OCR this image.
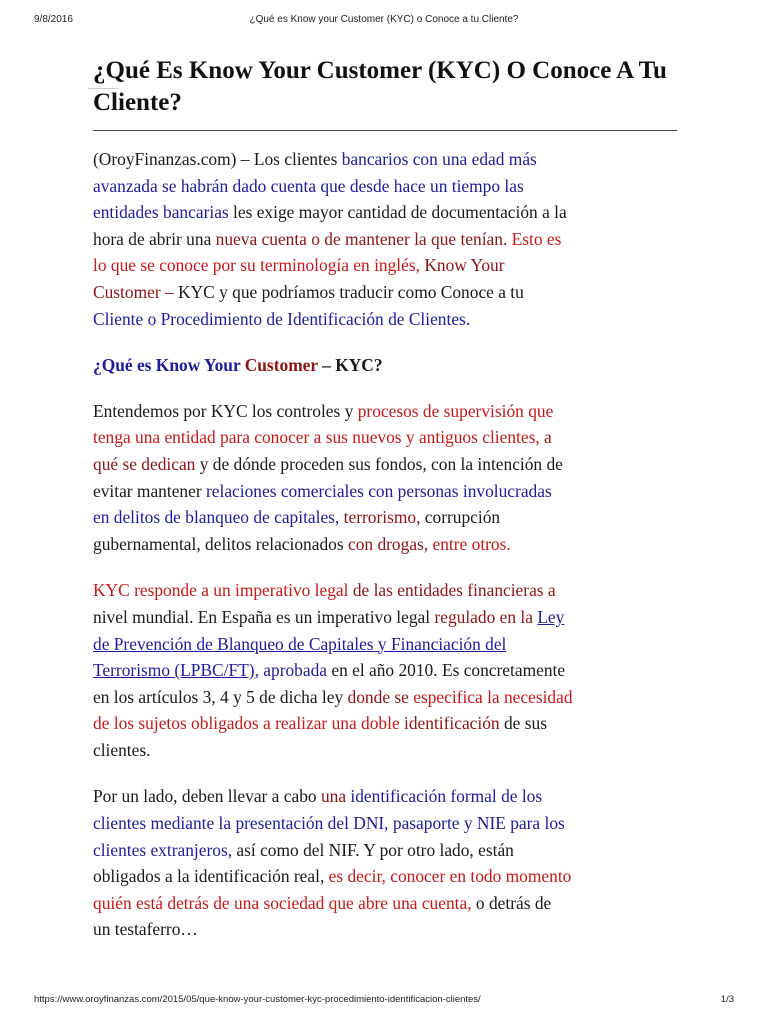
9/8/2016	¿Qué es Know your Customer (KYC) o Conoce a tu Cliente?
¿Qué Es Know Your Customer (KYC) O Conoce A Tu Cliente?

(OroyFinanzas.com) – Los clientes bancarios con una edad más
avanzada se habrán dado cuenta que desde hace un tiempo las
entidades bancarias les exige mayor cantidad de documentación a la
hora de abrir una nueva cuenta o de mantener la que tenían. Esto es
lo que se conoce por su terminología en inglés, Know Your
Customer – KYC y que podríamos traducir como Conoce a tu
Cliente o Procedimiento de Identificación de Clientes.

¿Qué es Know Your Customer – KYC?

Entendemos por KYC los controles y procesos de supervisión que
tenga una entidad para conocer a sus nuevos y antiguos clientes, a
qué se dedican y de dónde proceden sus fondos, con la intención de
evitar mantener relaciones comerciales con personas involucradas
en delitos de blanqueo de capitales, terrorismo, corrupción
gubernamental, delitos relacionados con drogas, entre otros.

KYC responde a un imperativo legal de las entidades financieras a
nivel mundial. En España es un imperativo legal regulado en la Ley
de Prevención de Blanqueo de Capitales y Financiación del
Terrorismo (LPBC/FT), aprobada en el año 2010. Es concretamente
en los artículos 3, 4 y 5 de dicha ley donde se especifica la necesidad
de los sujetos obligados a realizar una doble identificación de sus
clientes.

Por un lado, deben llevar a cabo una identificación formal de los
clientes mediante la presentación del DNI, pasaporte y NIE para los
clientes extranjeros, así como del NIF. Y por otro lado, están
obligados a la identificación real, es decir, conocer en todo momento
quién está detrás de una sociedad que abre una cuenta, o detrás de
un testaferro…

https://www.oroyfinanzas.com/2015/05/que-know-your-customer-kyc-procedimiento-identificacion-clientes/	1/3
